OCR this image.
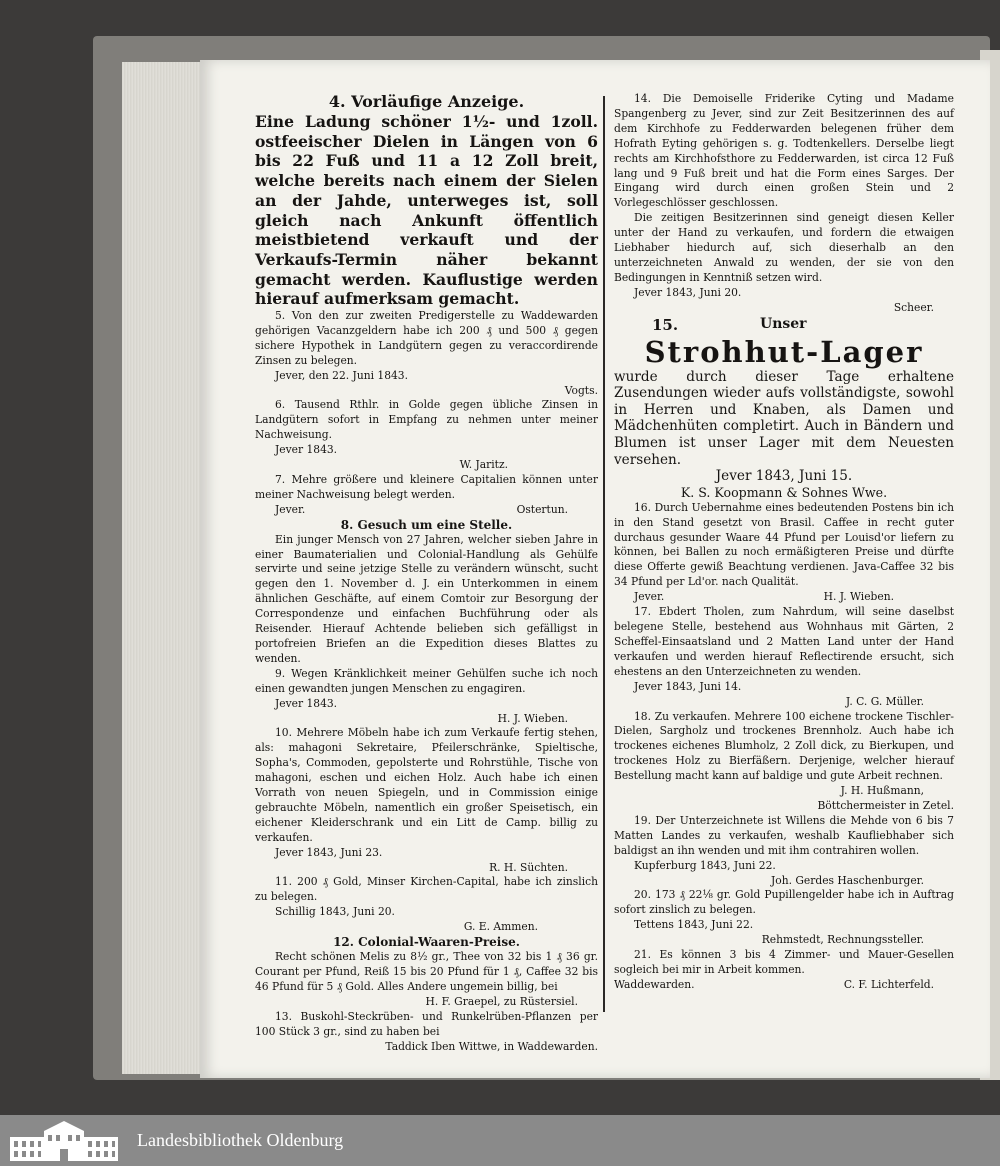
4. Vorläufige Anzeige.

Eine Ladung schöner 1½- und 1zoll. ostfeeischer Dielen in Längen von 6 bis 22 Fuß und 11 a 12 Zoll breit, welche bereits nach einem der Sielen an der Jahde, unterweges ist, soll gleich nach Ankunft öffentlich meistbietend verkauft und der Verkaufs-Termin näher bekannt gemacht werden. Kauflustige werden hierauf aufmerksam gemacht.

5. Von den zur zweiten Predigerstelle zu Waddewarden gehörigen Vacanzgeldern habe ich 200 ₰ und 500 ₰ gegen sichere Hypothek in Landgütern gegen zu veraccordirende Zinsen zu belegen.

Jever, den 22. Juni 1843.

Vogts.

6. Tausend Rthlr. in Golde gegen übliche Zinsen in Landgütern sofort in Empfang zu nehmen unter meiner Nachweisung.

Jever 1843.

W. Jaritz.

7. Mehre größere und kleinere Capitalien können unter meiner Nachweisung belegt werden.

Jever.	Ostertun.

8. Gesuch um eine Stelle.

Ein junger Mensch von 27 Jahren, welcher sieben Jahre in einer Baumaterialien und Colonial-Handlung als Gehülfe servirte und seine jetzige Stelle zu verändern wünscht, sucht gegen den 1. November d. J. ein Unterkommen in einem ähnlichen Geschäfte, auf einem Comtoir zur Besorgung der Correspondenze und einfachen Buchführung oder als Reisender. Hierauf Achtende belieben sich gefälligst in portofreien Briefen an die Expedition dieses Blattes zu wenden.

9. Wegen Kränklichkeit meiner Gehülfen suche ich noch einen gewandten jungen Menschen zu engagiren.

Jever 1843.

H. J. Wieben.

10. Mehrere Möbeln habe ich zum Verkaufe fertig stehen, als: mahagoni Sekretaire, Pfeilerschränke, Spieltische, Sopha's, Commoden, gepolsterte und Rohrstühle, Tische von mahagoni, eschen und eichen Holz. Auch habe ich einen Vorrath von neuen Spiegeln, und in Commission einige gebrauchte Möbeln, namentlich ein großer Speisetisch, ein eichener Kleiderschrank und ein Litt de Camp. billig zu verkaufen.

Jever 1843, Juni 23.

R. H. Süchten.

11. 200 ₰ Gold, Minser Kirchen-Capital, habe ich zinslich zu belegen.

Schillig 1843, Juni 20.

G. E. Ammen.

12. Colonial-Waaren-Preise.

Recht schönen Melis zu 8½ gr., Thee von 32 bis 1 ₰ 36 gr. Courant per Pfund, Reiß 15 bis 20 Pfund für 1 ₰, Caffee 32 bis 46 Pfund für 5 ₰ Gold. Alles Andere ungemein billig, bei

H. F. Graepel, zu Rüstersiel.

13. Buskohl-Steckrüben- und Runkelrüben-Pflanzen per 100 Stück 3 gr., sind zu haben bei

Taddick Iben Wittwe, in Waddewarden.

14. Die Demoiselle Friderike Cyting und Madame Spangenberg zu Jever, sind zur Zeit Besitzerinnen des auf dem Kirchhofe zu Fedderwarden belegenen früher dem Hofrath Eyting gehörigen s. g. Todtenkellers. Derselbe liegt rechts am Kirchhofsthore zu Fedderwarden, ist circa 12 Fuß lang und 9 Fuß breit und hat die Form eines Sarges. Der Eingang wird durch einen großen Stein und 2 Vorlegeschlösser geschlossen.

Die zeitigen Besitzerinnen sind geneigt diesen Keller unter der Hand zu verkaufen, und fordern die etwaigen Liebhaber hiedurch auf, sich dieserhalb an den unterzeichneten Anwald zu wenden, der sie von den Bedingungen in Kenntniß setzen wird.

Jever 1843, Juni 20.

Scheer.

15.	Unser

Strohhut-Lager

wurde durch dieser Tage erhaltene Zusendungen wieder aufs vollständigste, sowohl in Herren und Knaben, als Damen und Mädchenhüten completirt. Auch in Bändern und Blumen ist unser Lager mit dem Neuesten versehen.

Jever 1843, Juni 15.

K. S. Koopmann & Sohnes Wwe.

16. Durch Uebernahme eines bedeutenden Postens bin ich in den Stand gesetzt von Brasil. Caffee in recht guter durchaus gesunder Waare 44 Pfund per Louisd'or liefern zu können, bei Ballen zu noch ermäßigteren Preise und dürfte diese Offerte gewiß Beachtung verdienen. Java-Caffee 32 bis 34 Pfund per Ld'or. nach Qualität.

Jever.	H. J. Wieben.

17. Ebdert Tholen, zum Nahrdum, will seine daselbst belegene Stelle, bestehend aus Wohnhaus mit Gärten, 2 Scheffel-Einsaatsland und 2 Matten Land unter der Hand verkaufen und werden hierauf Reflectirende ersucht, sich ehestens an den Unterzeichneten zu wenden.

Jever 1843, Juni 14.

J. C. G. Müller.

18. Zu verkaufen. Mehrere 100 eichene trockene Tischler-Dielen, Sargholz und trockenes Brennholz. Auch habe ich trockenes eichenes Blumholz, 2 Zoll dick, zu Bierkupen, und trockenes Holz zu Bierfäßern. Derjenige, welcher hierauf Bestellung macht kann auf baldige und gute Arbeit rechnen.

J. H. Hußmann,

Böttchermeister in Zetel.

19. Der Unterzeichnete ist Willens die Mehde von 6 bis 7 Matten Landes zu verkaufen, weshalb Kaufliebhaber sich baldigst an ihn wenden und mit ihm contrahiren wollen.

Kupferburg 1843, Juni 22.

Joh. Gerdes Haschenburger.

20. 173 ₰ 22⅛ gr. Gold Pupillengelder habe ich in Auftrag sofort zinslich zu belegen.

Tettens 1843, Juni 22.

Rehmstedt, Rechnungssteller.

21. Es können 3 bis 4 Zimmer- und Mauer-Gesellen sogleich bei mir in Arbeit kommen.

Waddewarden.	C. F. Lichterfeld.
Landesbibliothek Oldenburg
